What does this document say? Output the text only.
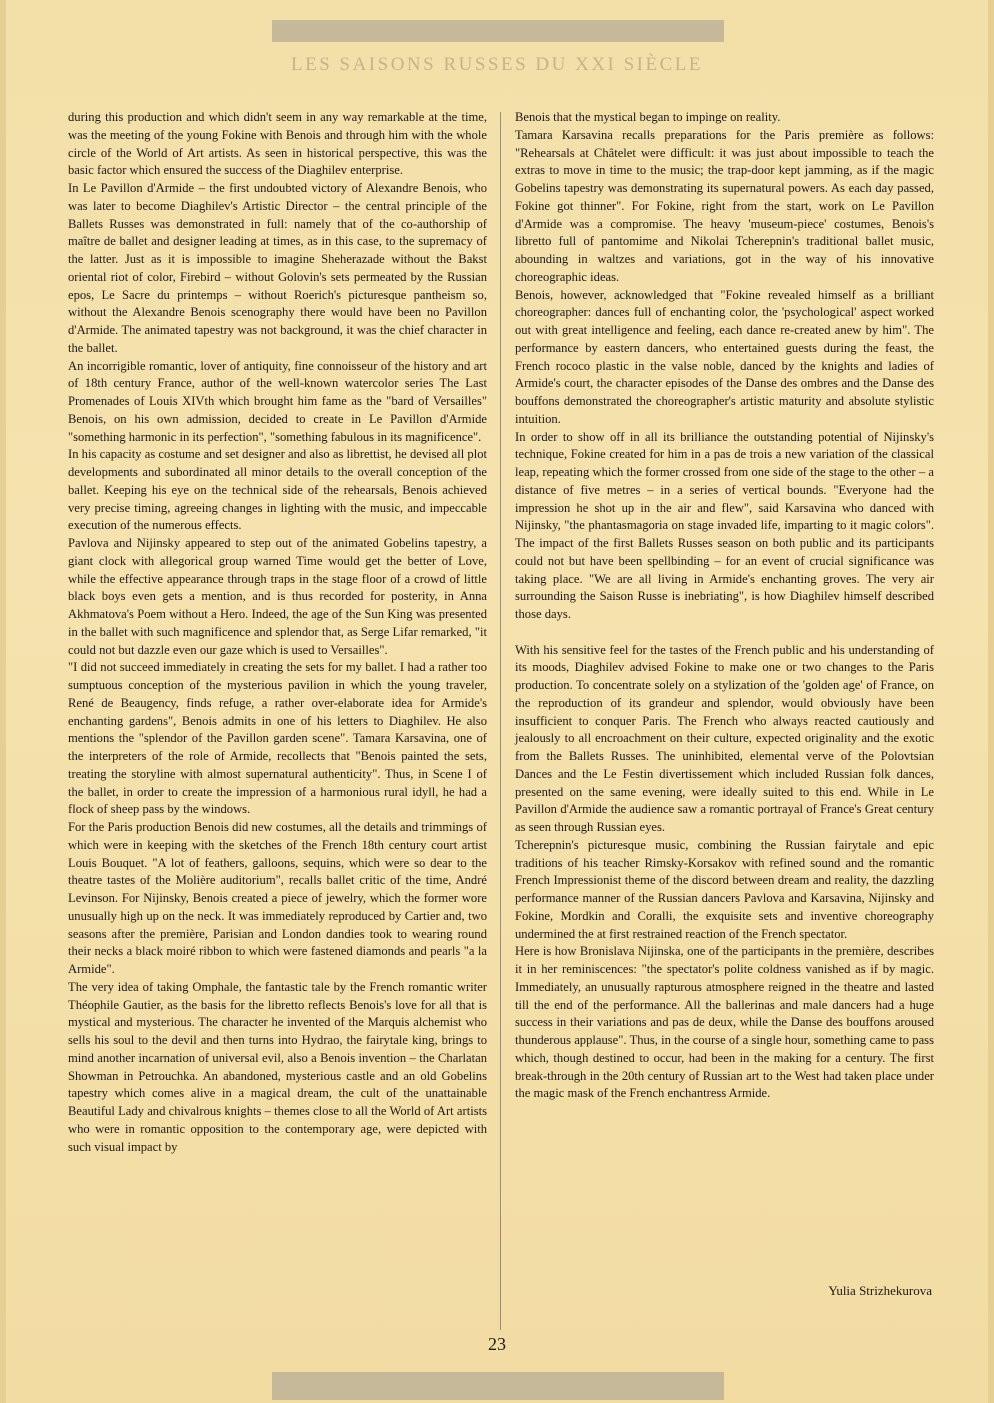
LES SAISONS RUSSES DU XXI SIÈCLE

during this production and which didn't seem in any way remarkable at the time, was the meeting of the young Fokine with Benois and through him with the whole circle of the World of Art artists. As seen in historical perspective, this was the basic factor which ensured the success of the Diaghilev enterprise.

In Le Pavillon d'Armide – the first undoubted victory of Alexandre Benois, who was later to become Diaghilev's Artistic Director – the central principle of the Ballets Russes was demonstrated in full: namely that of the co-authorship of maître de ballet and designer leading at times, as in this case, to the supremacy of the latter. Just as it is impossible to imagine Sheherazade without the Bakst oriental riot of color, Firebird – without Golovin's sets permeated by the Russian epos, Le Sacre du printemps – without Roerich's picturesque pantheism so, without the Alexandre Benois scenography there would have been no Pavillon d'Armide. The animated tapestry was not background, it was the chief character in the ballet.

An incorrigible romantic, lover of antiquity, fine connoisseur of the history and art of 18th century France, author of the well-known watercolor series The Last Promenades of Louis XIVth which brought him fame as the "bard of Versailles" Benois, on his own admission, decided to create in Le Pavillon d'Armide "something harmonic in its perfection", "something fabulous in its magnificence".

In his capacity as costume and set designer and also as librettist, he devised all plot developments and subordinated all minor details to the overall conception of the ballet. Keeping his eye on the technical side of the rehearsals, Benois achieved very precise timing, agreeing changes in lighting with the music, and impeccable execution of the numerous effects.

Pavlova and Nijinsky appeared to step out of the animated Gobelins tapestry, a giant clock with allegorical group warned Time would get the better of Love, while the effective appearance through traps in the stage floor of a crowd of little black boys even gets a mention, and is thus recorded for posterity, in Anna Akhmatova's Poem without a Hero. Indeed, the age of the Sun King was presented in the ballet with such magnificence and splendor that, as Serge Lifar remarked, "it could not but dazzle even our gaze which is used to Versailles".

"I did not succeed immediately in creating the sets for my ballet. I had a rather too sumptuous conception of the mysterious pavilion in which the young traveler, René de Beaugency, finds refuge, a rather over-elaborate idea for Armide's enchanting gardens", Benois admits in one of his letters to Diaghilev. He also mentions the "splendor of the Pavillon garden scene". Tamara Karsavina, one of the interpreters of the role of Armide, recollects that "Benois painted the sets, treating the storyline with almost supernatural authenticity". Thus, in Scene I of the ballet, in order to create the impression of a harmonious rural idyll, he had a flock of sheep pass by the windows.

For the Paris production Benois did new costumes, all the details and trimmings of which were in keeping with the sketches of the French 18th century court artist Louis Bouquet. "A lot of feathers, galloons, sequins, which were so dear to the theatre tastes of the Molière auditorium", recalls ballet critic of the time, André Levinson. For Nijinsky, Benois created a piece of jewelry, which the former wore unusually high up on the neck. It was immediately reproduced by Cartier and, two seasons after the première, Parisian and London dandies took to wearing round their necks a black moiré ribbon to which were fastened diamonds and pearls "a la Armide".

The very idea of taking Omphale, the fantastic tale by the French romantic writer Théophile Gautier, as the basis for the libretto reflects Benois's love for all that is mystical and mysterious. The character he invented of the Marquis alchemist who sells his soul to the devil and then turns into Hydrao, the fairytale king, brings to mind another incarnation of universal evil, also a Benois invention – the Charlatan Showman in Petrouchka. An abandoned, mysterious castle and an old Gobelins tapestry which comes alive in a magical dream, the cult of the unattainable Beautiful Lady and chivalrous knights – themes close to all the World of Art artists who were in romantic opposition to the contemporary age, were depicted with such visual impact by

Benois that the mystical began to impinge on reality.

Tamara Karsavina recalls preparations for the Paris première as follows: "Rehearsals at Châtelet were difficult: it was just about impossible to teach the extras to move in time to the music; the trap-door kept jamming, as if the magic Gobelins tapestry was demonstrating its supernatural powers. As each day passed, Fokine got thinner". For Fokine, right from the start, work on Le Pavillon d'Armide was a compromise. The heavy 'museum-piece' costumes, Benois's libretto full of pantomime and Nikolai Tcherepnin's traditional ballet music, abounding in waltzes and variations, got in the way of his innovative choreographic ideas.

Benois, however, acknowledged that "Fokine revealed himself as a brilliant choreographer: dances full of enchanting color, the 'psychological' aspect worked out with great intelligence and feeling, each dance re-created anew by him". The performance by eastern dancers, who entertained guests during the feast, the French rococo plastic in the valse noble, danced by the knights and ladies of Armide's court, the character episodes of the Danse des ombres and the Danse des bouffons demonstrated the choreographer's artistic maturity and absolute stylistic intuition.

In order to show off in all its brilliance the outstanding potential of Nijinsky's technique, Fokine created for him in a pas de trois a new variation of the classical leap, repeating which the former crossed from one side of the stage to the other – a distance of five metres – in a series of vertical bounds. "Everyone had the impression he shot up in the air and flew", said Karsavina who danced with Nijinsky, "the phantasmagoria on stage invaded life, imparting to it magic colors". The impact of the first Ballets Russes season on both public and its participants could not but have been spellbinding – for an event of crucial significance was taking place. "We are all living in Armide's enchanting groves. The very air surrounding the Saison Russe is inebriating", is how Diaghilev himself described those days.

With his sensitive feel for the tastes of the French public and his understanding of its moods, Diaghilev advised Fokine to make one or two changes to the Paris production. To concentrate solely on a stylization of the 'golden age' of France, on the reproduction of its grandeur and splendor, would obviously have been insufficient to conquer Paris. The French who always reacted cautiously and jealously to all encroachment on their culture, expected originality and the exotic from the Ballets Russes. The uninhibited, elemental verve of the Polovtsian Dances and the Le Festin divertissement which included Russian folk dances, presented on the same evening, were ideally suited to this end. While in Le Pavillon d'Armide the audience saw a romantic portrayal of France's Great century as seen through Russian eyes.

Tcherepnin's picturesque music, combining the Russian fairytale and epic traditions of his teacher Rimsky-Korsakov with refined sound and the romantic French Impressionist theme of the discord between dream and reality, the dazzling performance manner of the Russian dancers Pavlova and Karsavina, Nijinsky and Fokine, Mordkin and Coralli, the exquisite sets and inventive choreography undermined the at first restrained reaction of the French spectator.

Here is how Bronislava Nijinska, one of the participants in the première, describes it in her reminiscences: "the spectator's polite coldness vanished as if by magic. Immediately, an unusually rapturous atmosphere reigned in the theatre and lasted till the end of the performance. All the ballerinas and male dancers had a huge success in their variations and pas de deux, while the Danse des bouffons aroused thunderous applause". Thus, in the course of a single hour, something came to pass which, though destined to occur, had been in the making for a century. The first break-through in the 20th century of Russian art to the West had taken place under the magic mask of the French enchantress Armide.

Yulia Strizhekurova
23
